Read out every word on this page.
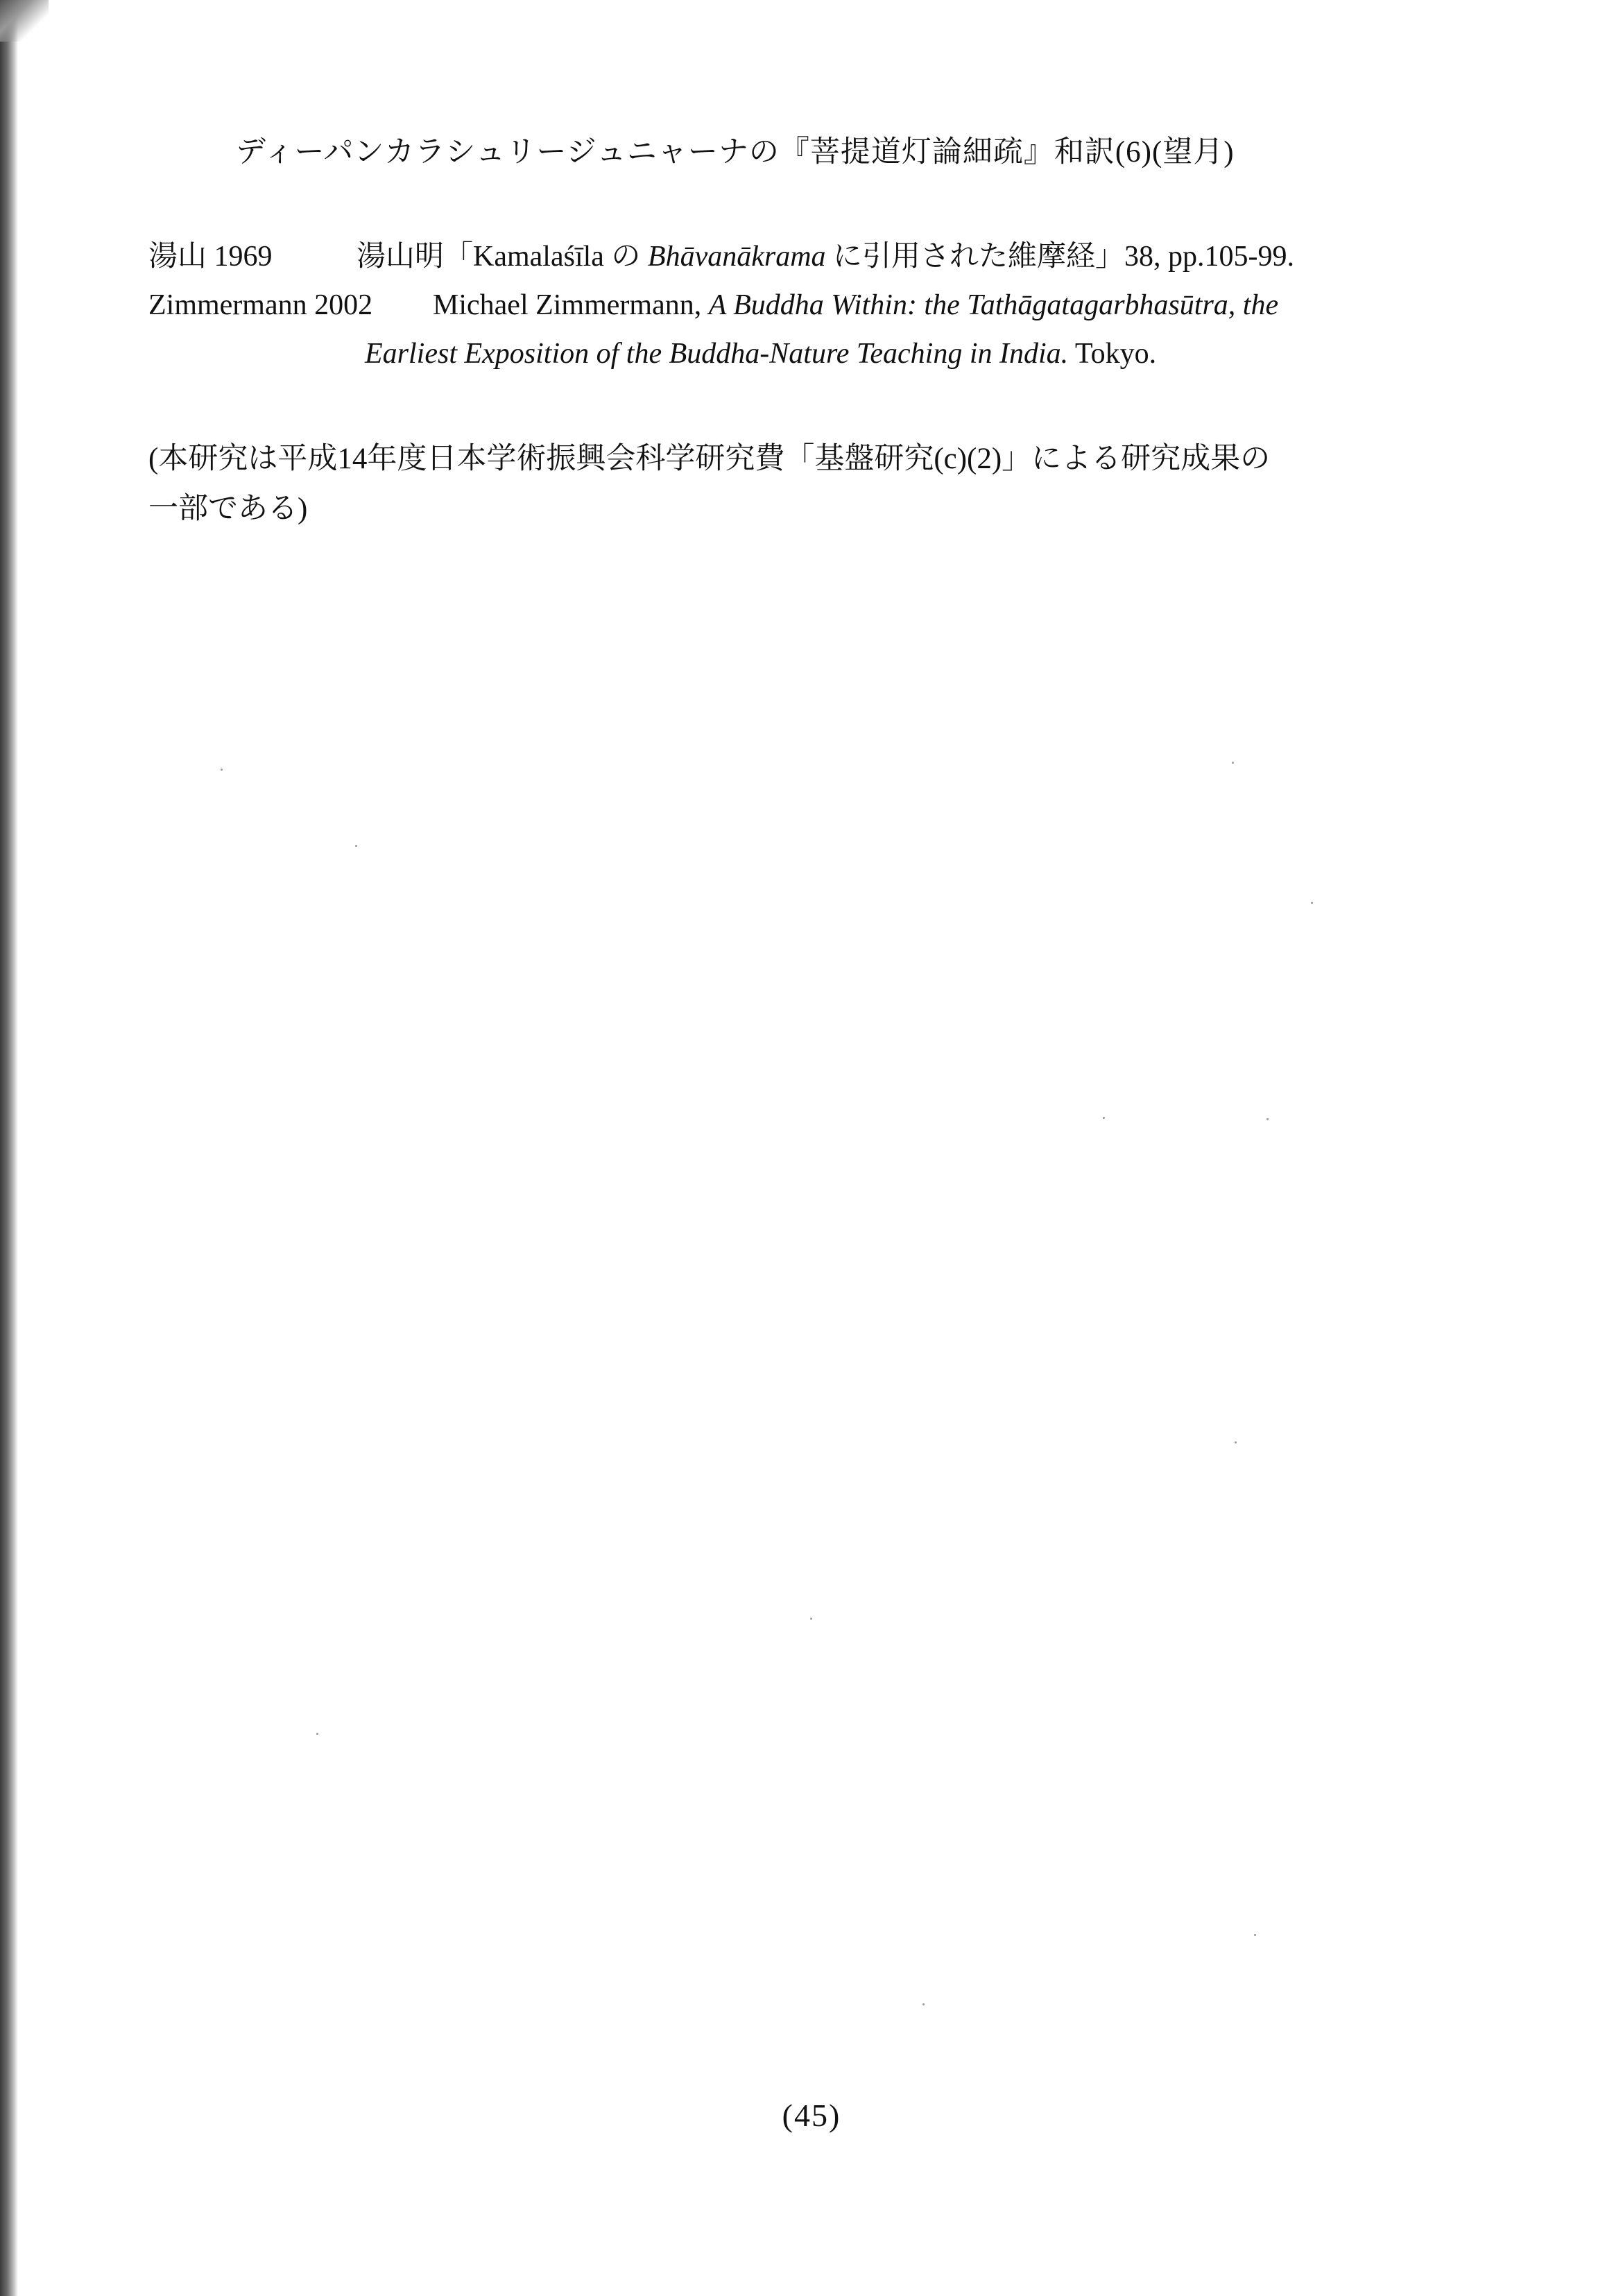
ディーパンカラシュリージュニャーナの『菩提道灯論細疏』和訳(6)(望月)
湯山 1969	湯山明「Kamalaśīla の Bhāvanākrama に引用された維摩経」38, pp.105-99.
Zimmermann 2002 Michael Zimmermann, A Buddha Within: the Tathāgatagarbhasūtra, the
Earliest Exposition of the Buddha-Nature Teaching in India. Tokyo.
(本研究は平成14年度日本学術振興会科学研究費「基盤研究(c)(2)」による研究成果の
一部である)
(45)
